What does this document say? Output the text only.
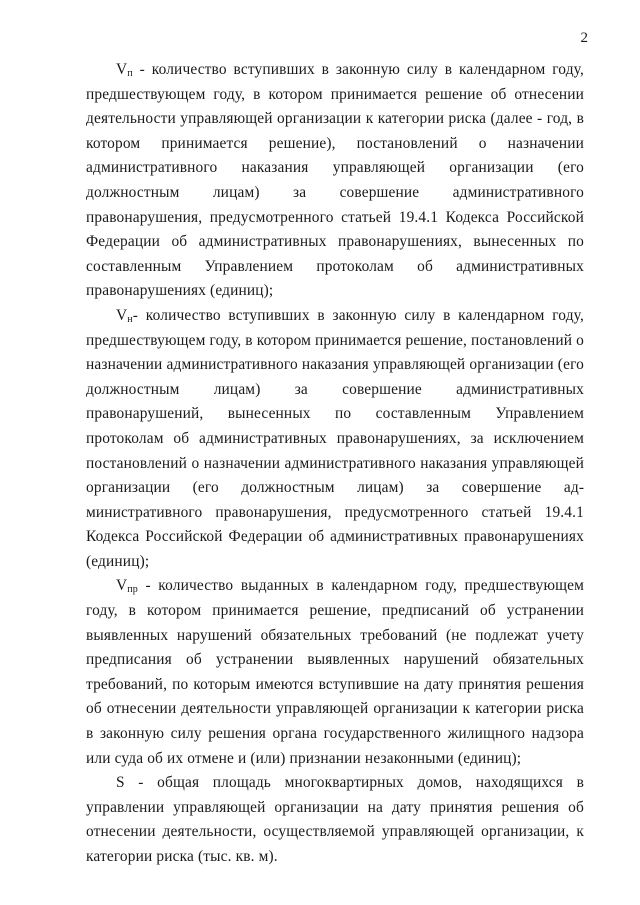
2

$V_п$ - количество вступивших в законную силу в календарном году, предшествующем году, в котором принимается решение об отнесении деятельности управляющей организации к категории риска (далее - год, в котором принимается решение), постановлений о назначении административного наказания управляющей организации (его должностным лицам) за совершение административного правонарушения, предусмотренного статьей 19.4.1 Кодекса Российской Федерации об административных правонарушениях, вынесенных по составленным Управлением протоколам об административных правонарушениях (единиц);

$V_н-$ количество вступивших в законную силу в календарном году, предшествующем году, в котором принимается решение, постановлений о назначении административного наказания управляющей организации (его должностным лицам) за совершение административных правонарушений, вынесенных по составленным Управлением протоколам об административных правонарушениях, за исключением постановлений о назначении административного наказания управляющей организации (его должностным лицам) за совершение административного правонарушения, предусмотренного статьей 19.4.1 Кодекса Российской Федерации об административных правонарушениях (единиц);

$V_{пр}$ - количество выданных в календарном году, предшествующем году, в котором принимается решение, предписаний об устранении выявленных нарушений обязательных требований (не подлежат учету предписания об устранении выявленных нарушений обязательных требований, по которым имеются вступившие на дату принятия решения об отнесении деятельности управляющей организации к категории риска в законную силу решения органа государственного жилищного надзора или суда об их отмене и (или) признании незаконными (единиц);

S - общая площадь многоквартирных домов, находящихся в управлении управляющей организации на дату принятия решения об отнесении деятельности, осуществляемой управляющей организации, к категории риска (тыс. кв. м).
